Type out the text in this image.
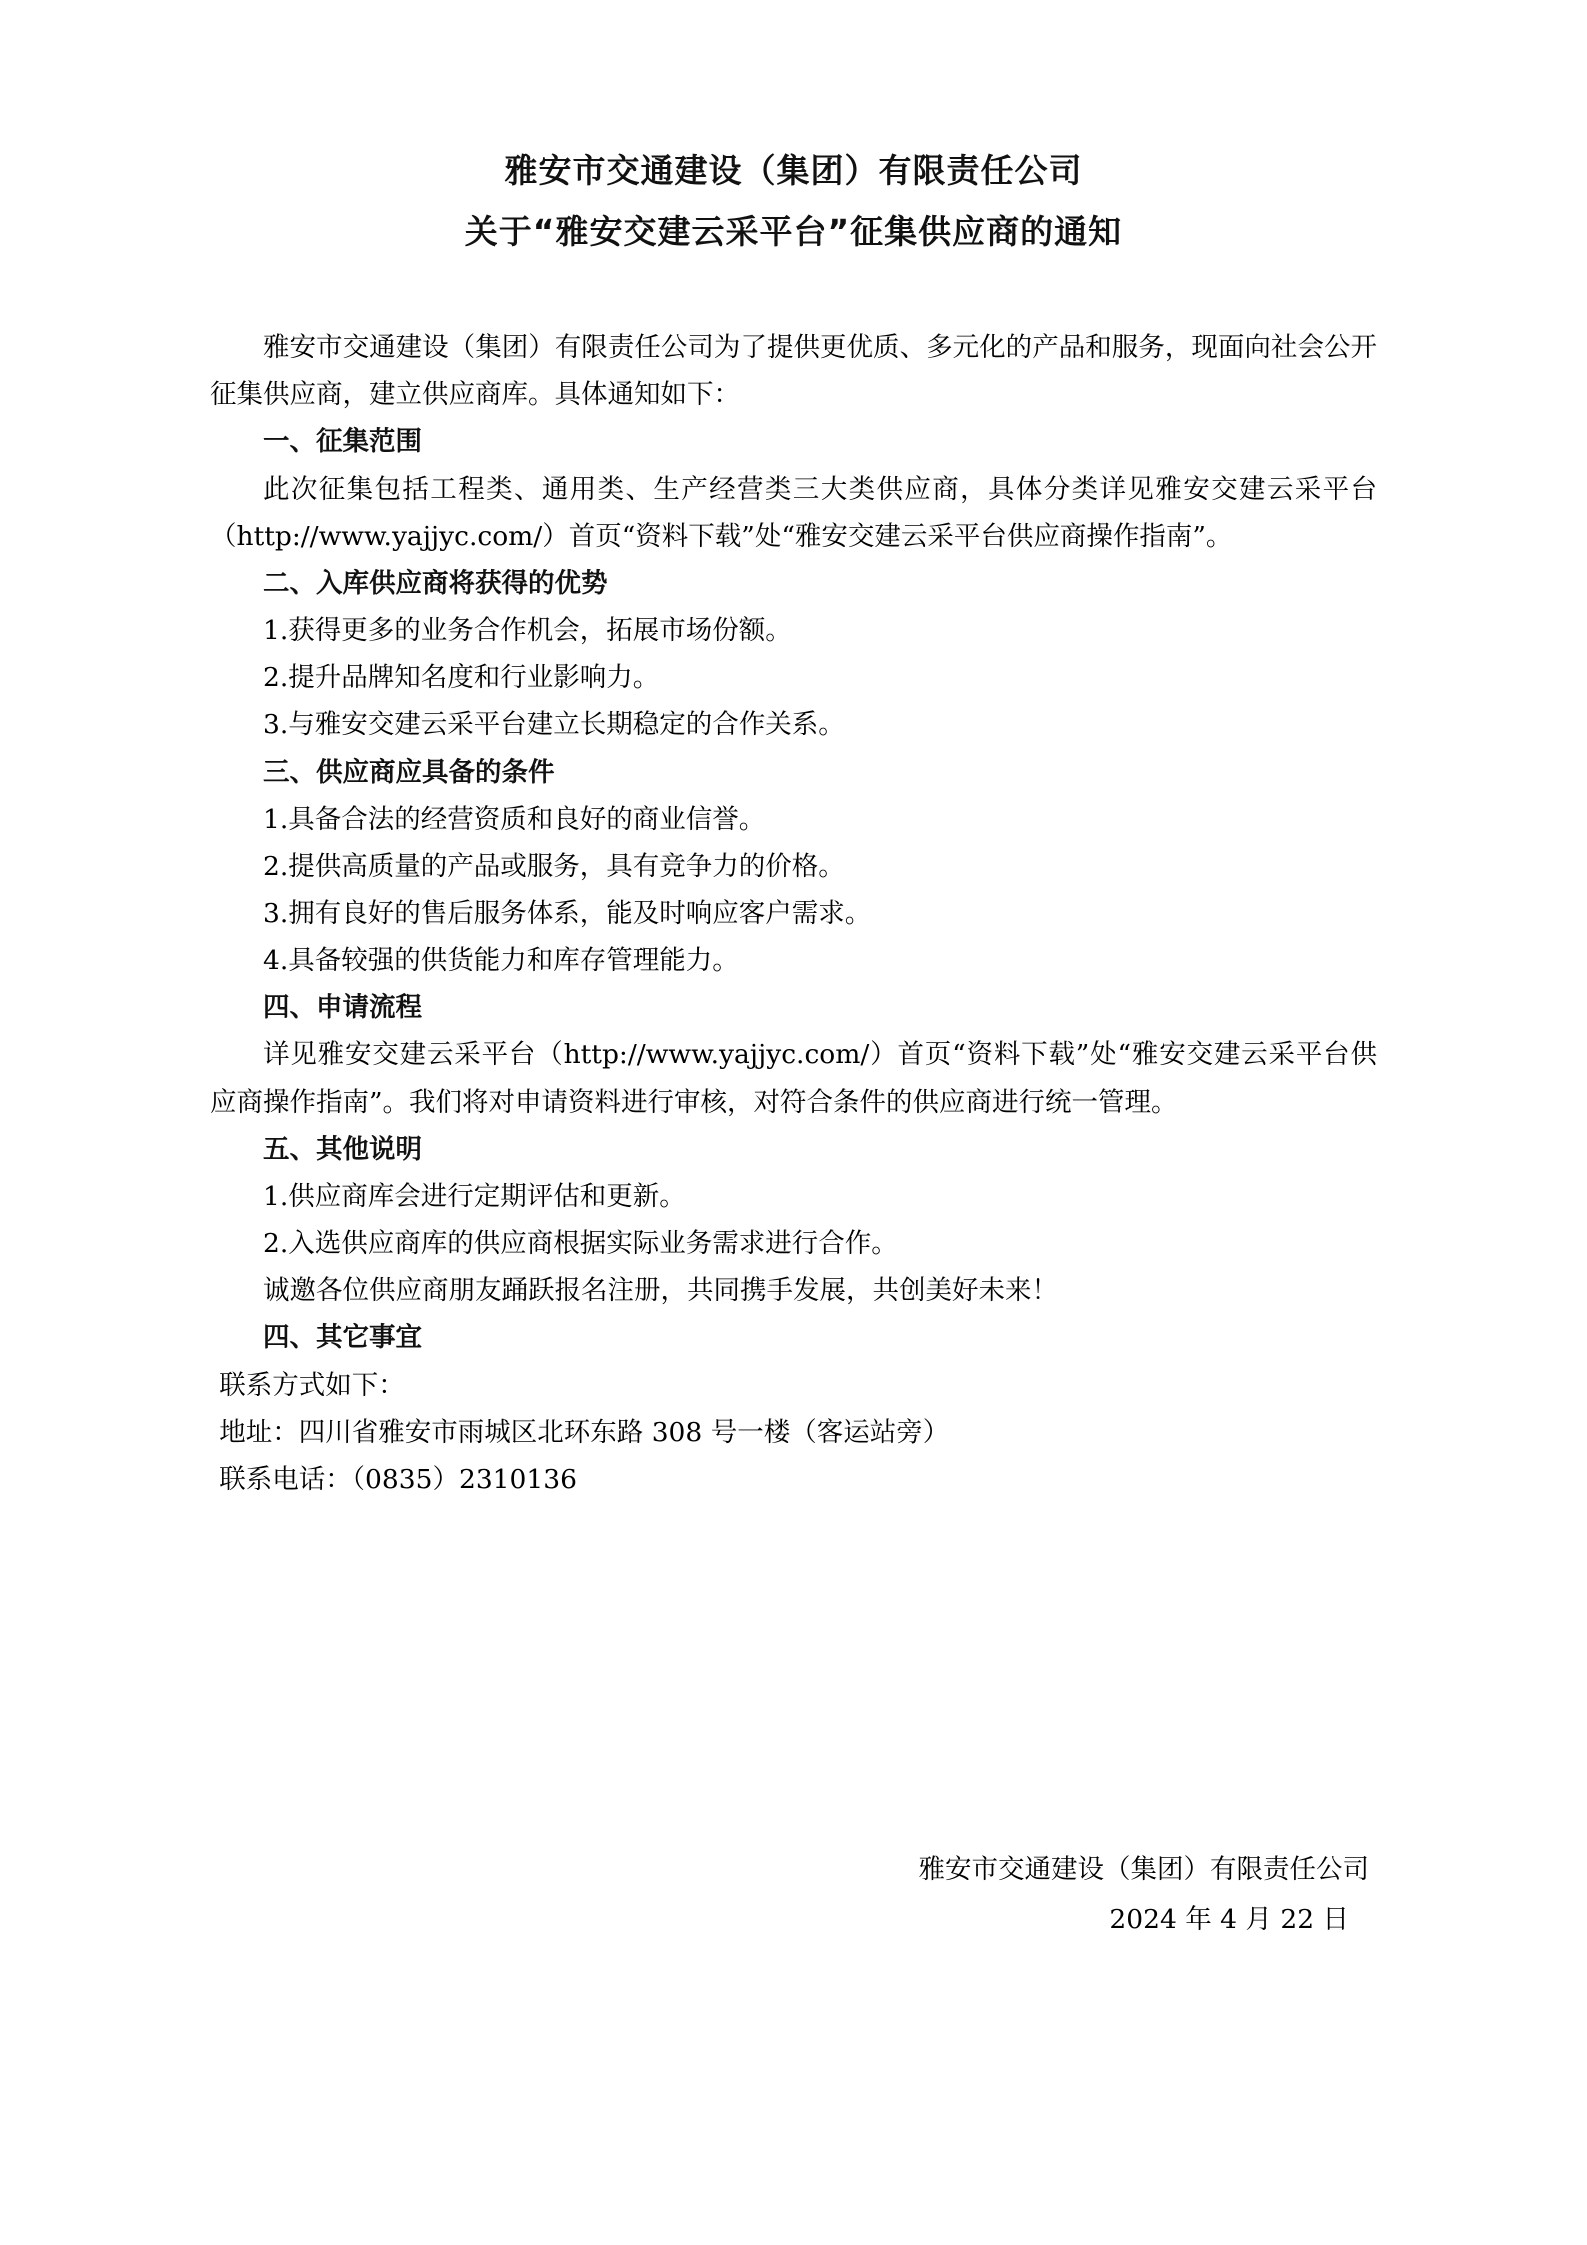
雅安市交通建设（集团）有限责任公司
关于“雅安交建云采平台”征集供应商的通知

雅安市交通建设（集团）有限责任公司为了提供更优质、多元化的产品和服务，现面向社会公开征集供应商，建立供应商库。具体通知如下：

一、征集范围

此次征集包括工程类、通用类、生产经营类三大类供应商，具体分类详见雅安交建云采平台（http://www.yajjyc.com/）首页“资料下载”处“雅安交建云采平台供应商操作指南”。

二、入库供应商将获得的优势

1.获得更多的业务合作机会，拓展市场份额。

2.提升品牌知名度和行业影响力。

3.与雅安交建云采平台建立长期稳定的合作关系。

三、供应商应具备的条件

1.具备合法的经营资质和良好的商业信誉。

2.提供高质量的产品或服务，具有竞争力的价格。

3.拥有良好的售后服务体系，能及时响应客户需求。

4.具备较强的供货能力和库存管理能力。

四、申请流程

详见雅安交建云采平台（http://www.yajjyc.com/）首页“资料下载”处“雅安交建云采平台供应商操作指南”。我们将对申请资料进行审核，对符合条件的供应商进行统一管理。

五、其他说明

1.供应商库会进行定期评估和更新。

2.入选供应商库的供应商根据实际业务需求进行合作。

诚邀各位供应商朋友踊跃报名注册，共同携手发展，共创美好未来！

四、其它事宜

联系方式如下：

地址：四川省雅安市雨城区北环东路 308 号一楼（客运站旁）

联系电话：（0835）2310136

雅安市交通建设（集团）有限责任公司
2024 年 4 月 22 日
